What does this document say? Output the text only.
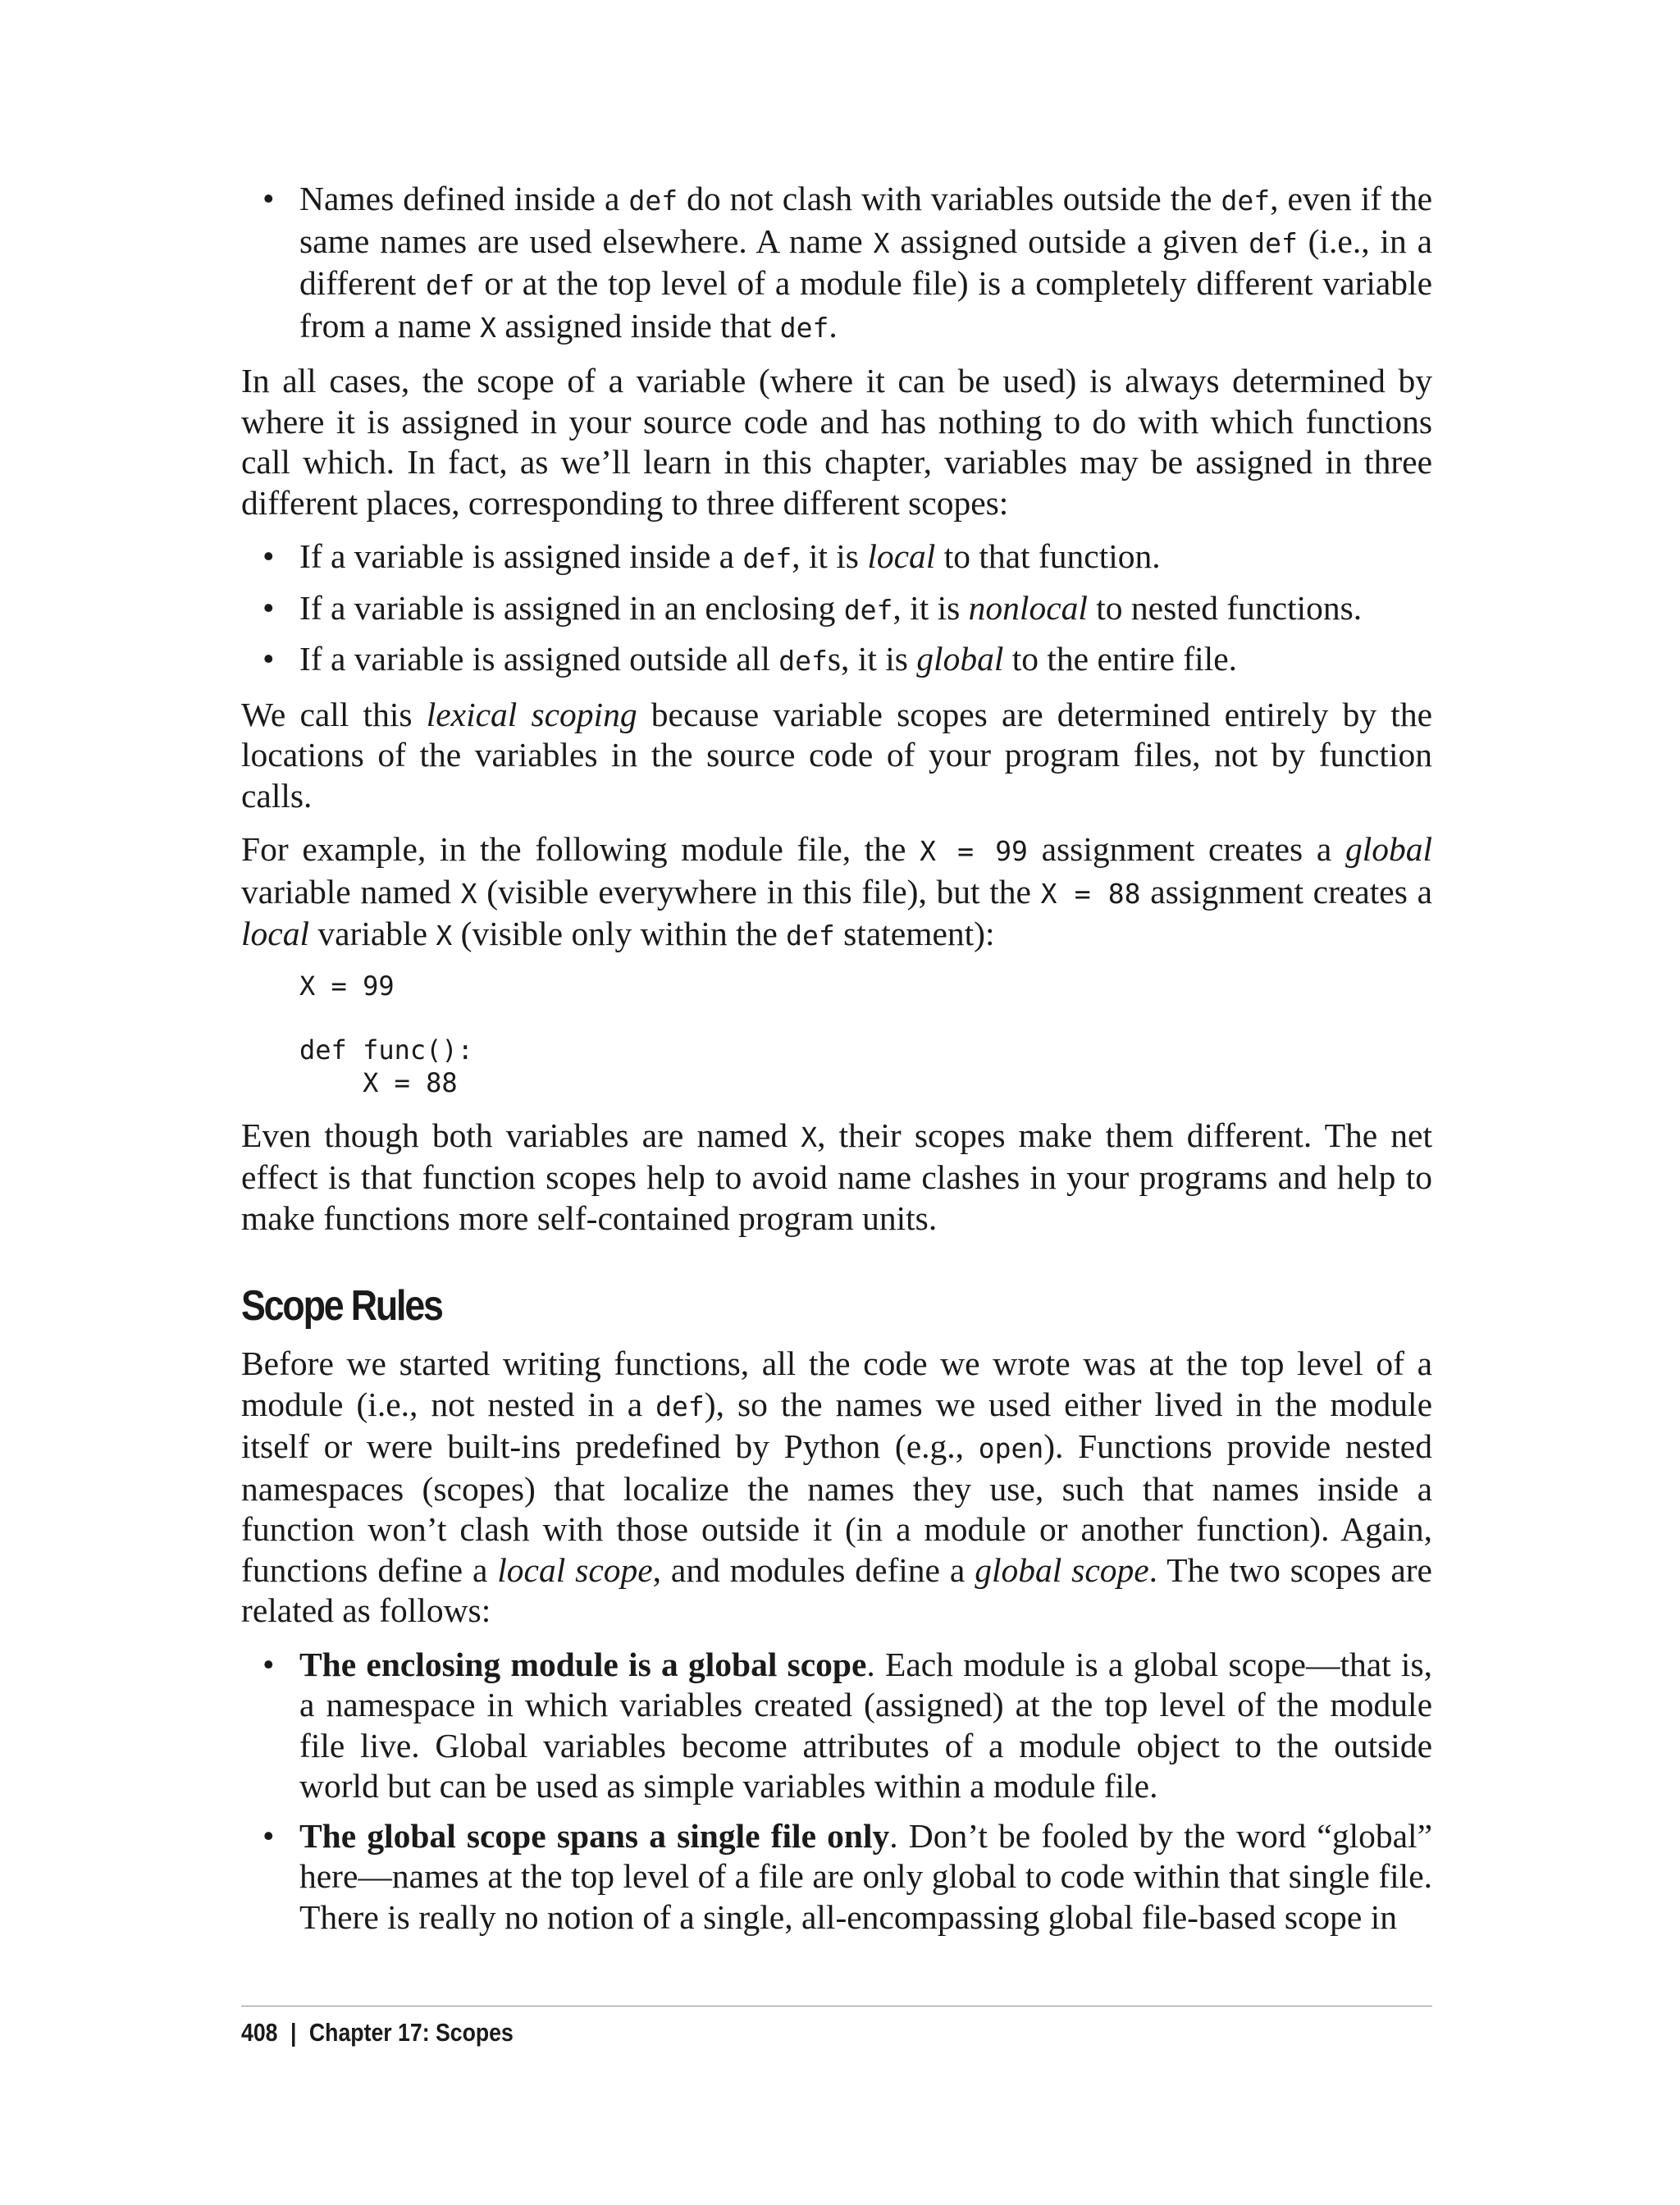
• Names defined inside a def do not clash with variables outside the def, even if the same names are used elsewhere. A name X assigned outside a given def (i.e., in a different def or at the top level of a module file) is a completely different variable from a name X assigned inside that def.

In all cases, the scope of a variable (where it can be used) is always determined by where it is assigned in your source code and has nothing to do with which functions call which. In fact, as we’ll learn in this chapter, variables may be assigned in three different places, corresponding to three different scopes:

• If a variable is assigned inside a def, it is local to that function.
• If a variable is assigned in an enclosing def, it is nonlocal to nested functions.
• If a variable is assigned outside all defs, it is global to the entire file.

We call this lexical scoping because variable scopes are determined entirely by the locations of the variables in the source code of your program files, not by function calls.

For example, in the following module file, the X = 99 assignment creates a global variable named X (visible everywhere in this file), but the X = 88 assignment creates a local variable X (visible only within the def statement):

X = 99

def func():
X = 88

Even though both variables are named X, their scopes make them different. The net effect is that function scopes help to avoid name clashes in your programs and help to make functions more self-contained program units.

Scope Rules

Before we started writing functions, all the code we wrote was at the top level of a module (i.e., not nested in a def), so the names we used either lived in the module itself or were built-ins predefined by Python (e.g., open). Functions provide nested namespaces (scopes) that localize the names they use, such that names inside a function won’t clash with those outside it (in a module or another function). Again, functions define a local scope, and modules define a global scope. The two scopes are related as follows:

• The enclosing module is a global scope. Each module is a global scope—that is, a namespace in which variables created (assigned) at the top level of the module file live. Global variables become attributes of a module object to the outside world but can be used as simple variables within a module file.
• The global scope spans a single file only. Don’t be fooled by the word “global” here—names at the top level of a file are only global to code within that single file. There is really no notion of a single, all-encompassing global file-based scope in
408 | Chapter 17: Scopes
